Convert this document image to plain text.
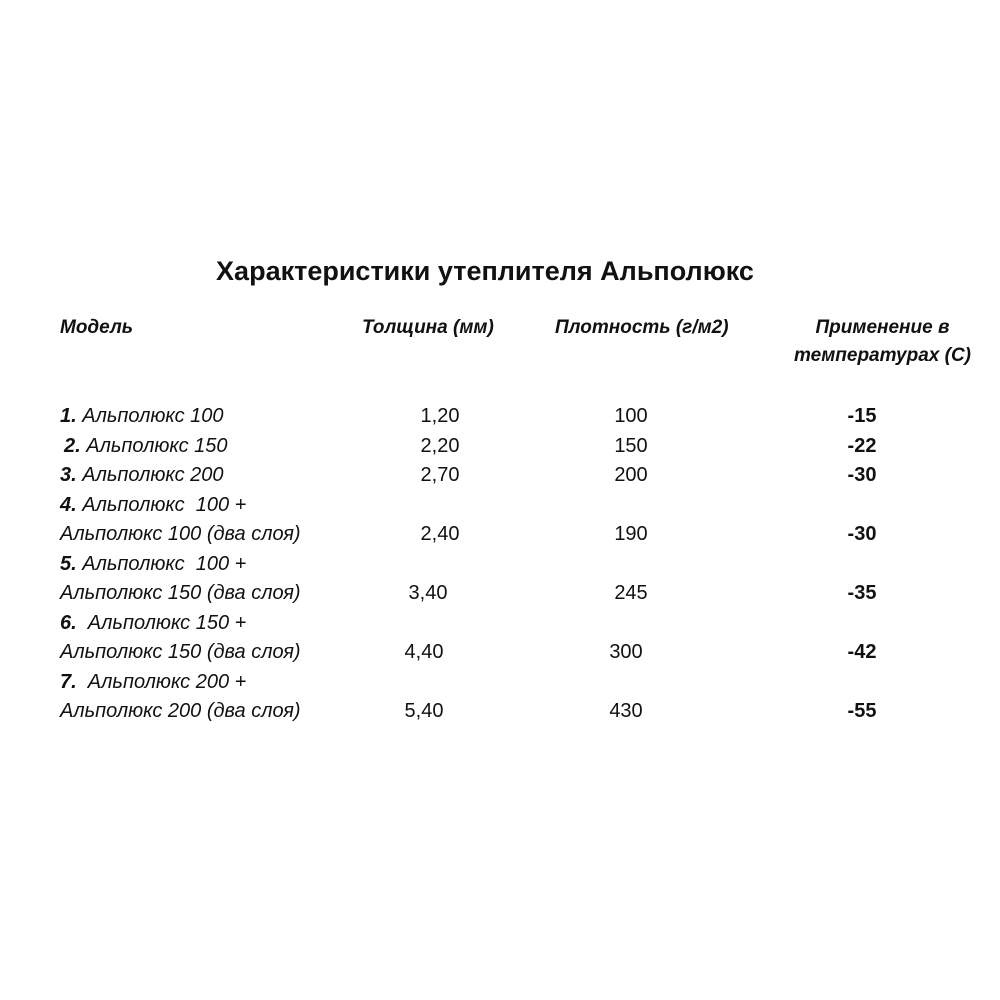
Характеристики утеплителя Альполюкс
Модель	Толщина (мм)	Плотность (г/м2)	Применение в
температурах (С)
1. Альполюкс 100	1,20	100	-15
2. Альполюкс 150	2,20	150	-22
3. Альполюкс 200	2,70	200	-30
4. Альполюкс  100 +
Альполюкс 100 (два слоя)	2,40	190	-30
5. Альполюкс  100 +
Альполюкс 150 (два слоя)	3,40	245	-35
6.  Альполюкс 150 +
Альполюкс 150 (два слоя)	4,40	300	-42
7.  Альполюкс 200 +
Альполюкс 200 (два слоя)	5,40	430	-55
